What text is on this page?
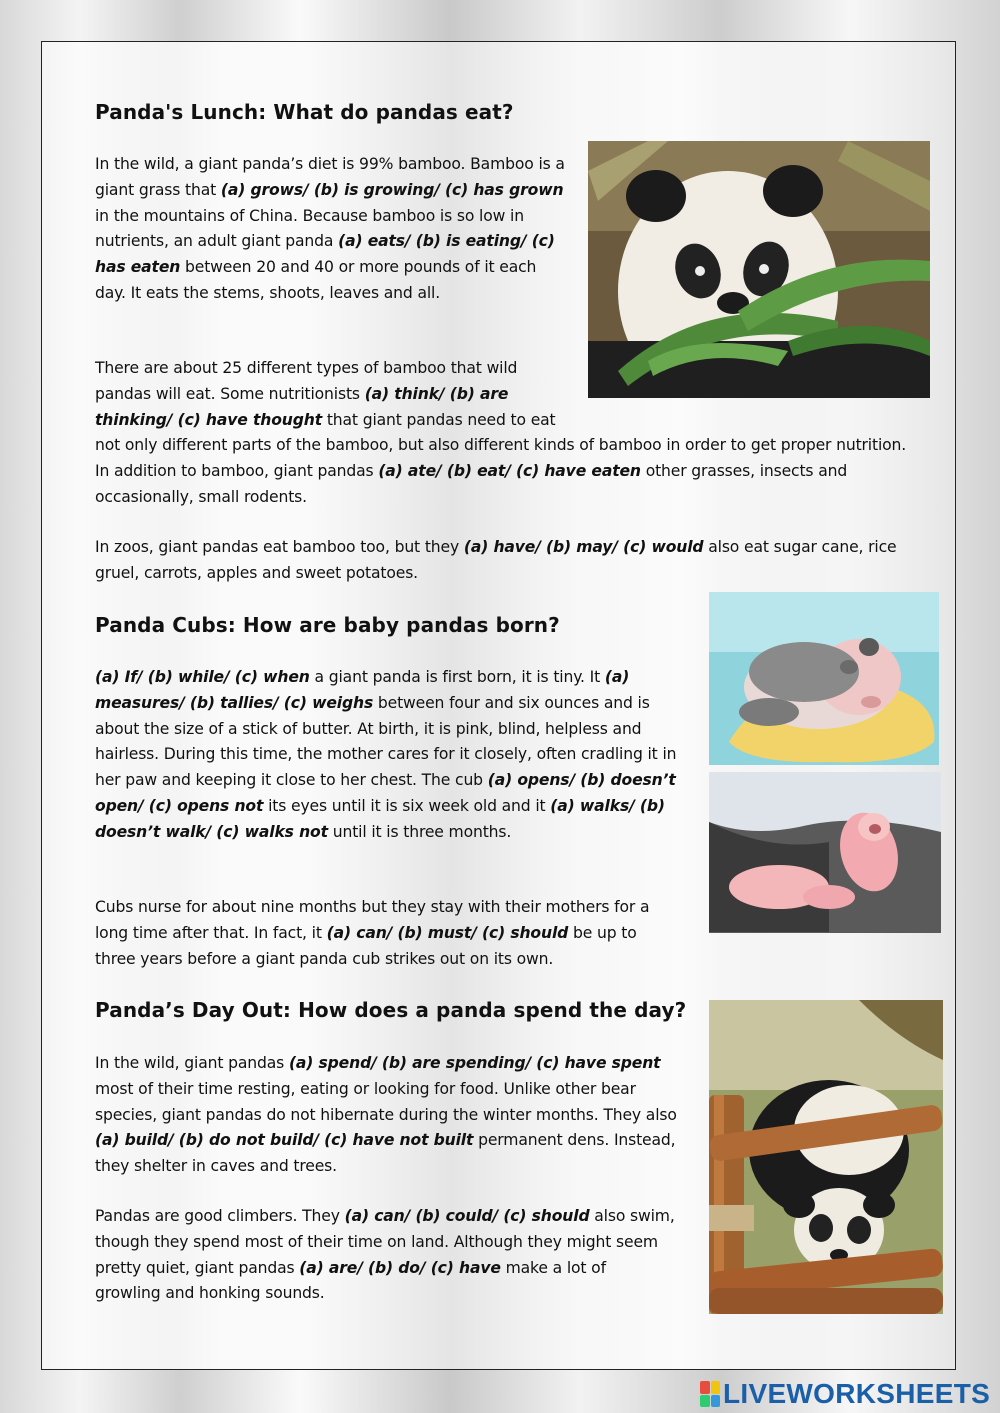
Panda's Lunch: What do pandas eat?

In the wild, a giant panda’s diet is 99% bamboo. Bamboo is a giant grass that (a) grows/ (b) is growing/ (c) has grown in the mountains of China. Because bamboo is so low in nutrients, an adult giant panda (a) eats/ (b) is eating/ (c) has eaten between 20 and 40 or more pounds of it each day. It eats the stems, shoots, leaves and all.

There are about 25 different types of bamboo that wild pandas will eat. Some nutritionists (a) think/ (b) are thinking/ (c) have thought that giant pandas need to eat not only different parts of the bamboo, but also different kinds of bamboo in order to get proper nutrition. In addition to bamboo, giant pandas (a) ate/ (b) eat/ (c) have eaten other grasses, insects and occasionally, small rodents.

In zoos, giant pandas eat bamboo too, but they (a) have/ (b) may/ (c) would also eat sugar cane, rice gruel, carrots, apples and sweet potatoes.

Panda Cubs: How are baby pandas born?

(a) If/ (b) while/ (c) when a giant panda is first born, it is tiny. It (a) measures/ (b) tallies/ (c) weighs between four and six ounces and is about the size of a stick of butter. At birth, it is pink, blind, helpless and hairless. During this time, the mother cares for it closely, often cradling it in her paw and keeping it close to her chest. The cub (a) opens/ (b) doesn’t open/ (c) opens not its eyes until it is six week old and it (a) walks/ (b) doesn’t walk/ (c) walks not until it is three months.

Cubs nurse for about nine months but they stay with their mothers for a long time after that. In fact, it (a) can/ (b) must/ (c) should be up to three years before a giant panda cub strikes out on its own.

Panda’s Day Out: How does a panda spend the day?

In the wild, giant pandas (a) spend/ (b) are spending/ (c) have spent most of their time resting, eating or looking for food. Unlike other bear species, giant pandas do not hibernate during the winter months. They also (a) build/ (b) do not build/ (c) have not built permanent dens. Instead, they shelter in caves and trees.

Pandas are good climbers. They (a) can/ (b) could/ (c) should also swim, though they spend most of their time on land. Although they might seem pretty quiet, giant pandas (a) are/ (b) do/ (c) have make a lot of growling and honking sounds.

LIVEWORKSHEETS
